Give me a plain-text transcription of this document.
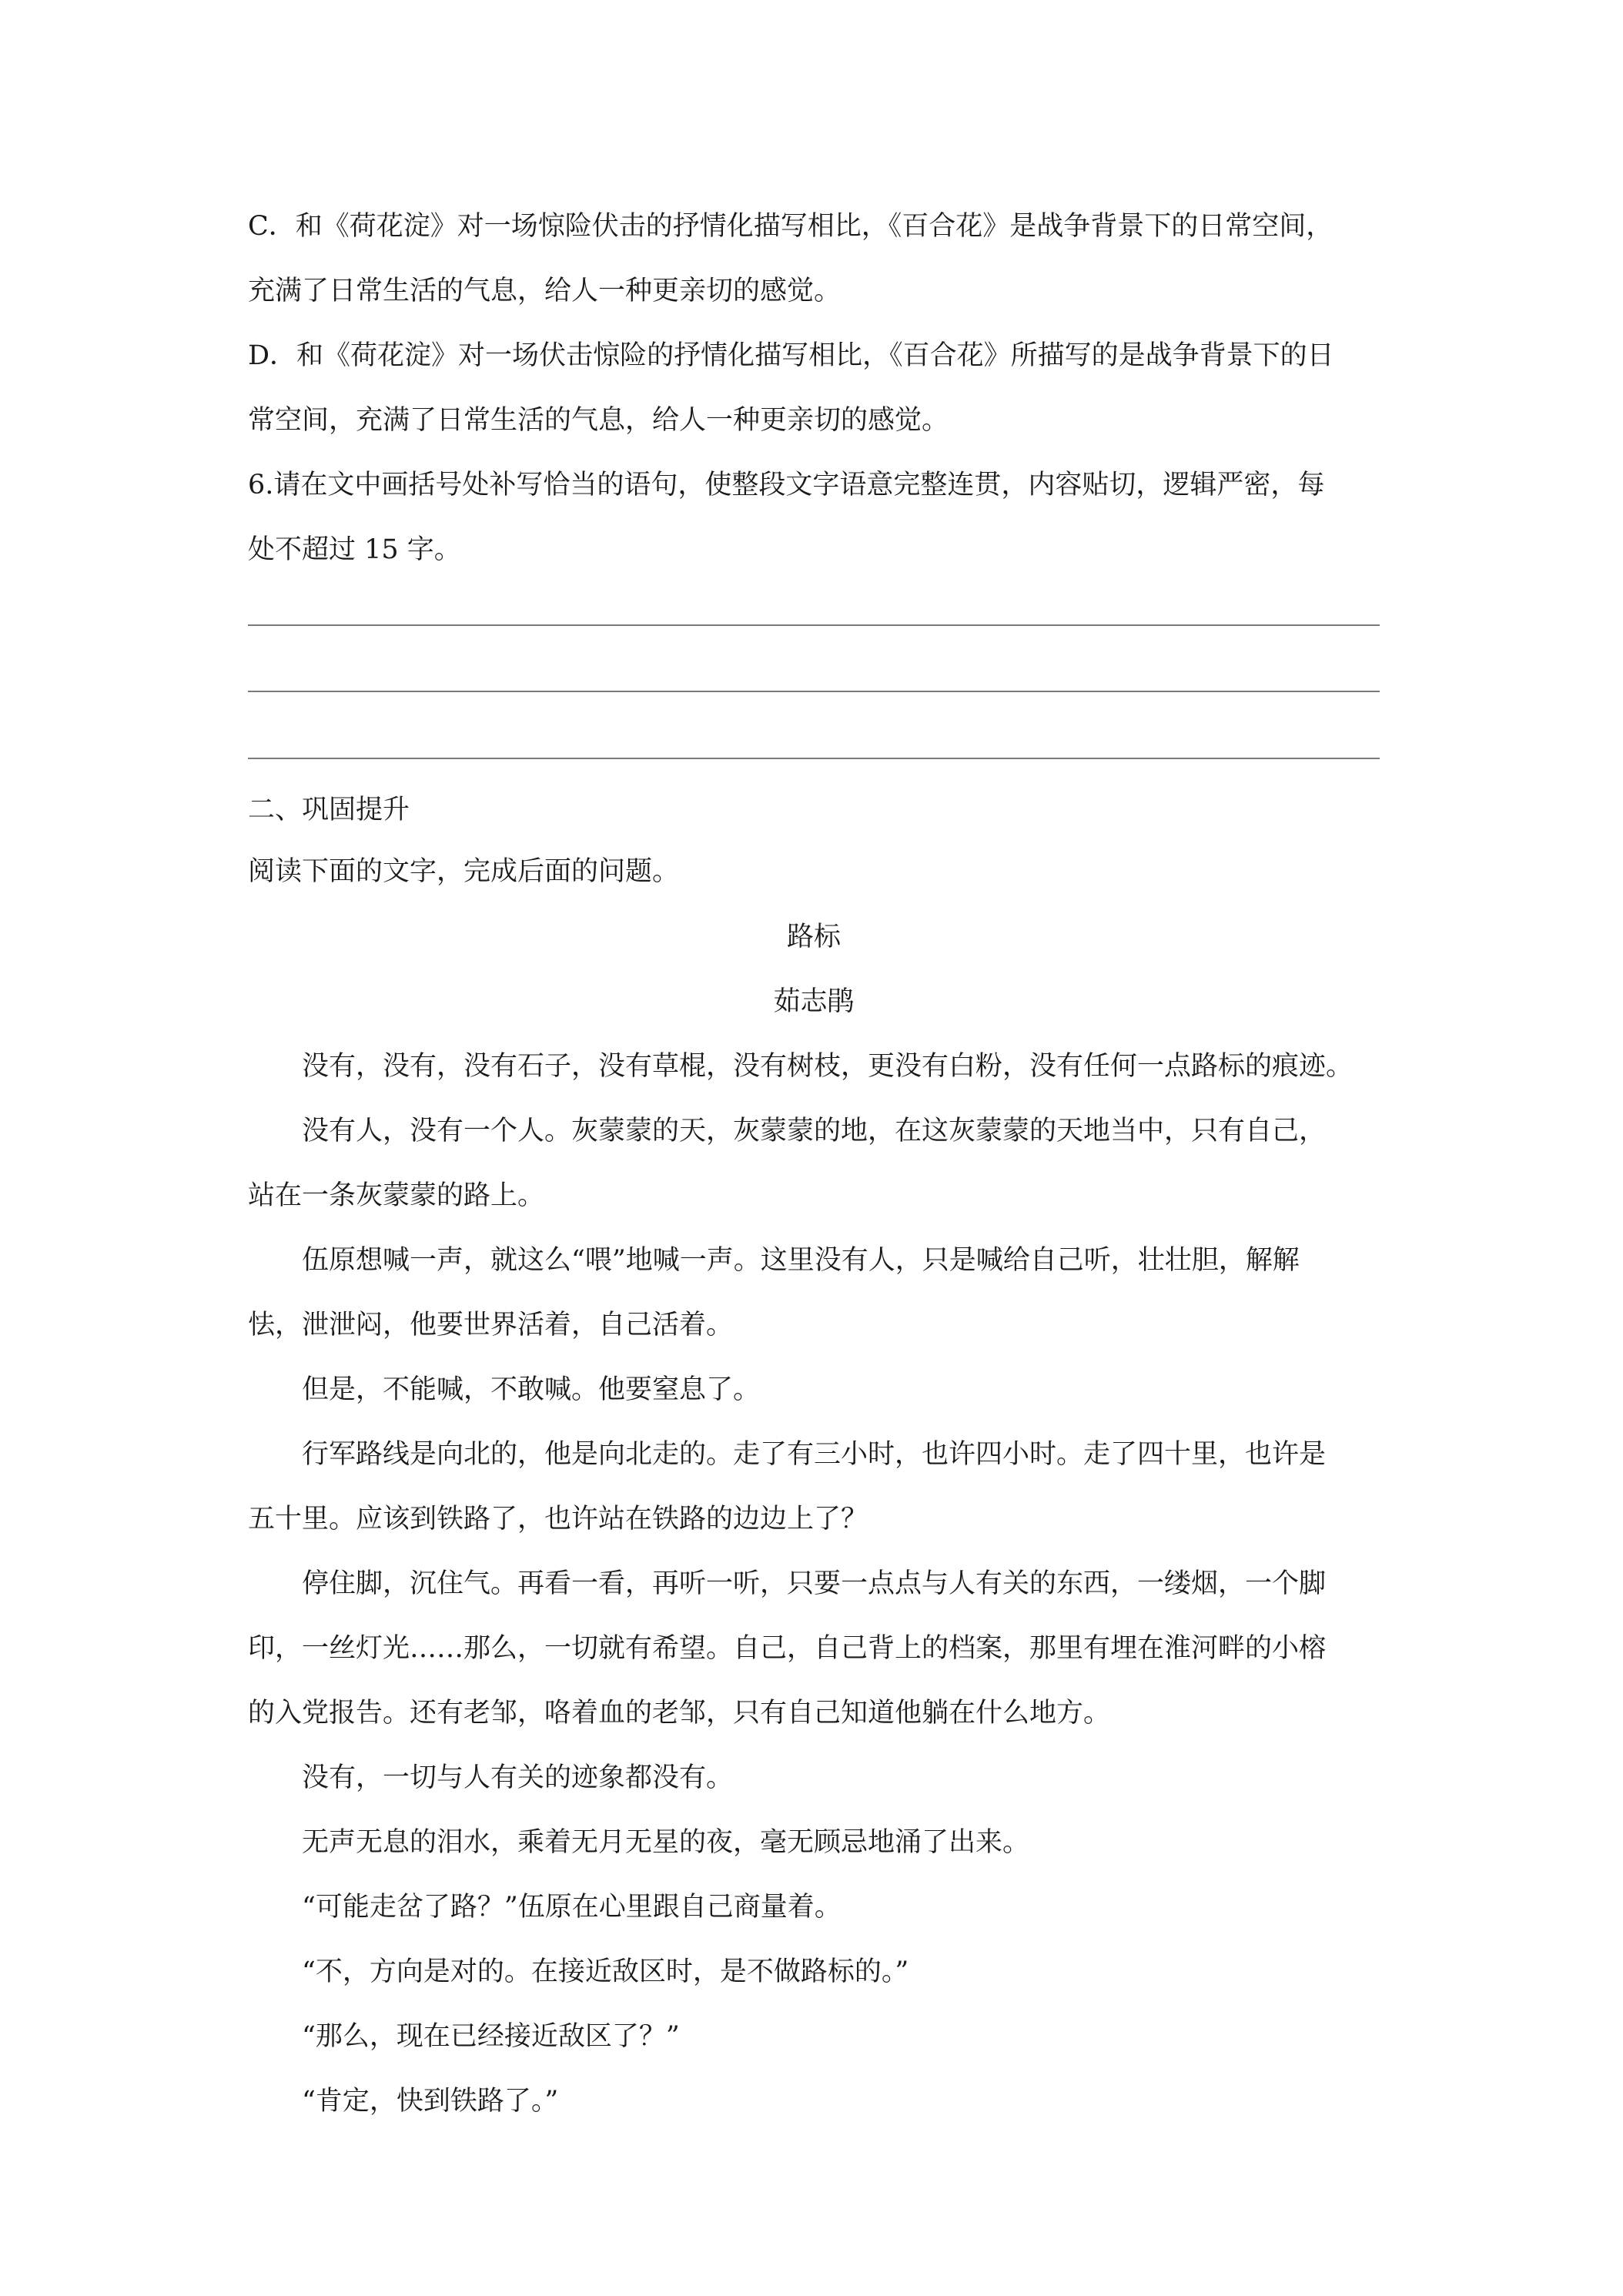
C．和《荷花淀》对一场惊险伏击的抒情化描写相比，《百合花》是战争背景下的日常空间，
充满了日常生活的气息，给人一种更亲切的感觉。
D．和《荷花淀》对一场伏击惊险的抒情化描写相比，《百合花》所描写的是战争背景下的日
常空间，充满了日常生活的气息，给人一种更亲切的感觉。
6.请在文中画括号处补写恰当的语句，使整段文字语意完整连贯，内容贴切，逻辑严密，每
处不超过 15 字。
二、巩固提升
阅读下面的文字，完成后面的问题。
路标
茹志鹃
没有，没有，没有石子，没有草棍，没有树枝，更没有白粉，没有任何一点路标的痕迹。
没有人，没有一个人。灰蒙蒙的天，灰蒙蒙的地，在这灰蒙蒙的天地当中，只有自己，
站在一条灰蒙蒙的路上。
伍原想喊一声，就这么“喂”地喊一声。这里没有人，只是喊给自己听，壮壮胆，解解
怯，泄泄闷，他要世界活着，自己活着。
但是，不能喊，不敢喊。他要窒息了。
行军路线是向北的，他是向北走的。走了有三小时，也许四小时。走了四十里，也许是
五十里。应该到铁路了，也许站在铁路的边边上了？
停住脚，沉住气。再看一看，再听一听，只要一点点与人有关的东西，一缕烟，一个脚
印，一丝灯光……那么，一切就有希望。自己，自己背上的档案，那里有埋在淮河畔的小榕
的入党报告。还有老邹，咯着血的老邹，只有自己知道他躺在什么地方。
没有，一切与人有关的迹象都没有。
无声无息的泪水，乘着无月无星的夜，毫无顾忌地涌了出来。
“可能走岔了路？”伍原在心里跟自己商量着。
“不，方向是对的。在接近敌区时，是不做路标的。”
“那么，现在已经接近敌区了？”
“肯定，快到铁路了。”
